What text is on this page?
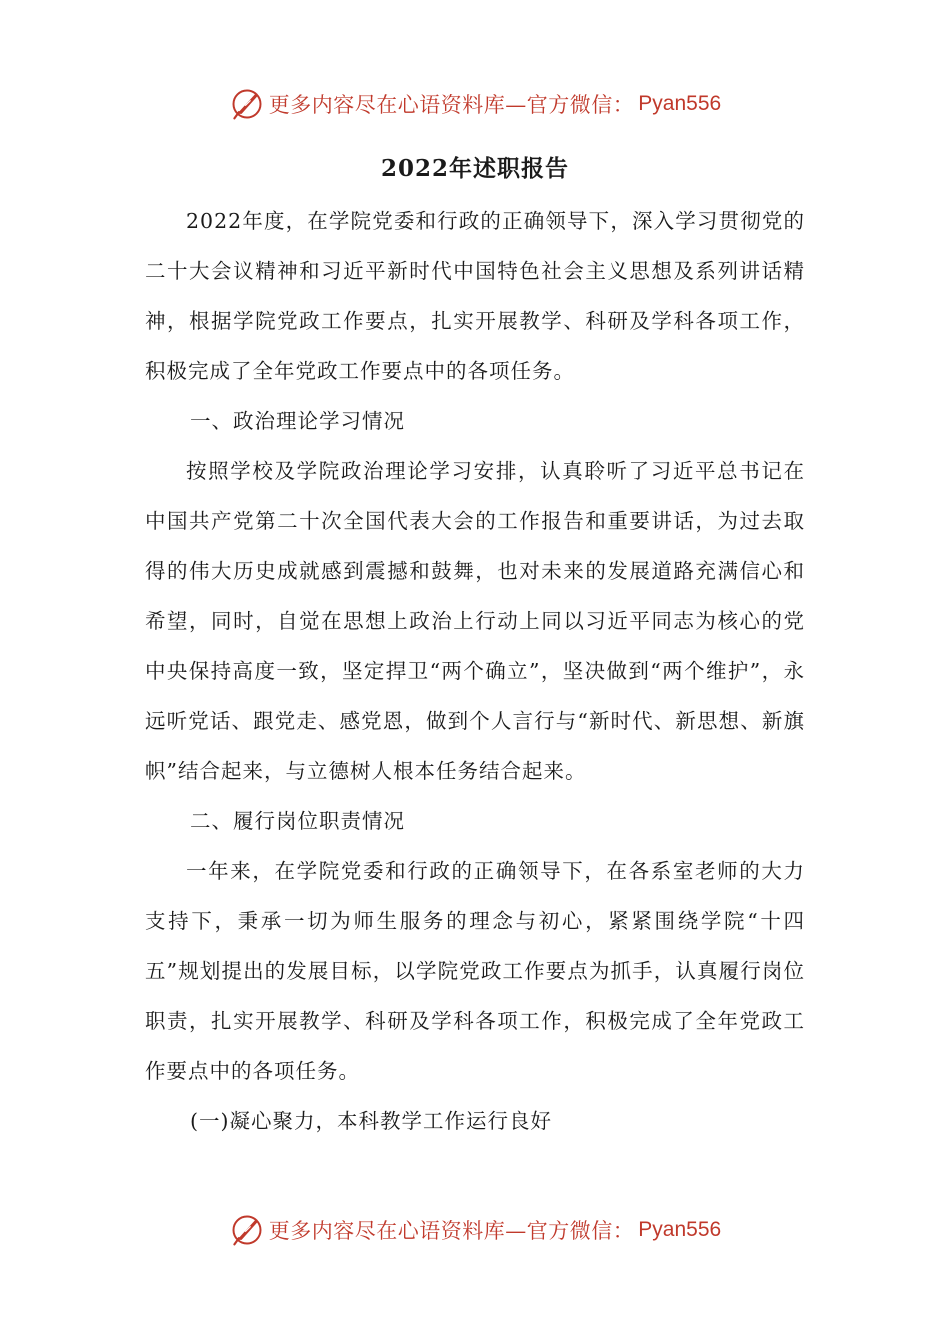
更多内容尽在心语资料库—官方微信： Pyan556
2022年述职报告

2022年度，在学院党委和行政的正确领导下，深入学习贯彻党的二十大会议精神和习近平新时代中国特色社会主义思想及系列讲话精神，根据学院党政工作要点，扎实开展教学、科研及学科各项工作，积极完成了全年党政工作要点中的各项任务。

一、政治理论学习情况

按照学校及学院政治理论学习安排，认真聆听了习近平总书记在中国共产党第二十次全国代表大会的工作报告和重要讲话，为过去取得的伟大历史成就感到震撼和鼓舞，也对未来的发展道路充满信心和希望，同时，自觉在思想上政治上行动上同以习近平同志为核心的党中央保持高度一致，坚定捍卫“两个确立”，坚决做到“两个维护”，永远听党话、跟党走、感党恩，做到个人言行与“新时代、新思想、新旗帜”结合起来，与立德树人根本任务结合起来。

二、履行岗位职责情况

一年来，在学院党委和行政的正确领导下，在各系室老师的大力支持下，秉承一切为师生服务的理念与初心，紧紧围绕学院“十四五”规划提出的发展目标，以学院党政工作要点为抓手，认真履行岗位职责，扎实开展教学、科研及学科各项工作，积极完成了全年党政工作要点中的各项任务。

(一)凝心聚力，本科教学工作运行良好

更多内容尽在心语资料库—官方微信： Pyan556
